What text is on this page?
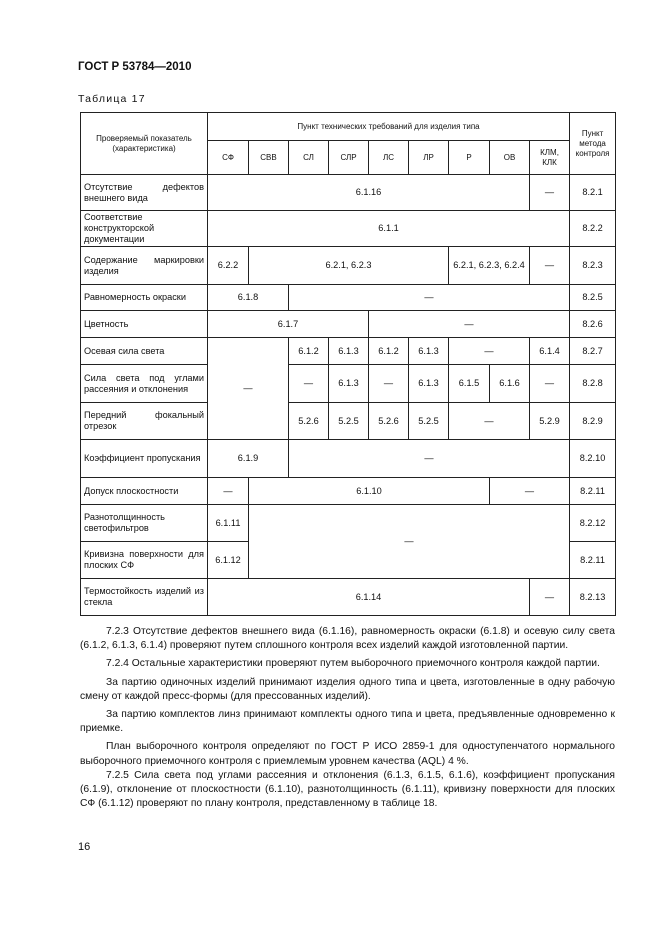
ГОСТ Р 53784—2010
Таблица 17
Проверяемый показатель (характеристика)	Пункт технических требований для изделия типа									Пункт метода контроля
	СФ	СВВ	СЛ	СЛР	ЛС	ЛР	Р	ОВ	КЛМ, КЛК	

Отсутствие дефектов внешнего вида	6.1.16								—	8.2.1

Соответствие конструкторской документации	6.1.1									8.2.2

Содержание маркировки изделия	6.2.2	6.2.1, 6.2.3					6.2.1, 6.2.3, 6.2.4		—	8.2.3
Равномерность окраски	6.1.8		—							8.2.5
Цветность	6.1.7				—					8.2.6
Осевая сила света	—		6.1.2	6.1.3	6.1.2	6.1.3	—		6.1.4	8.2.7

Сила света под углами рассеяния и отклонения			—	6.1.3	—	6.1.3	6.1.5	6.1.6	—	8.2.8

Передний фокальный отрезок			5.2.6	5.2.5	5.2.6	5.2.5	—		5.2.9	8.2.9

Коэффициент пропускания	6.1.9		—							8.2.10
Допуск плоскостности	—	6.1.10						—		8.2.11

Разнотолщинность светофильтров	6.1.11	—								8.2.12

Кривизна поверхности для плоских СФ	6.1.12									8.2.11

Термостойкость изделий из стекла	6.1.14								—	8.2.13

7.2.3 Отсутствие дефектов внешнего вида (6.1.16), равномерность окраски (6.1.8) и осевую силу света (6.1.2, 6.1.3, 6.1.4) проверяют путем сплошного контроля всех изделий каждой изготовленной партии.

7.2.4 Остальные характеристики проверяют путем выборочного приемочного контроля каждой партии.

За партию одиночных изделий принимают изделия одного типа и цвета, изготовленные в одну рабочую смену от каждой пресс-формы (для прессованных изделий).

За партию комплектов линз принимают комплекты одного типа и цвета, предъявленные одновременно к приемке.

План выборочного контроля определяют по ГОСТ Р ИСО 2859-1 для одноступенчатого нормального выборочного приемочного контроля с приемлемым уровнем качества (AQL) 4 %.

7.2.5 Сила света под углами рассеяния и отклонения (6.1.3, 6.1.5, 6.1.6), коэффициент пропускания (6.1.9), отклонение от плоскостности (6.1.10), разнотолщинность (6.1.11), кривизну поверхности для плоских СФ (6.1.12) проверяют по плану контроля, представленному в таблице 18.

16
